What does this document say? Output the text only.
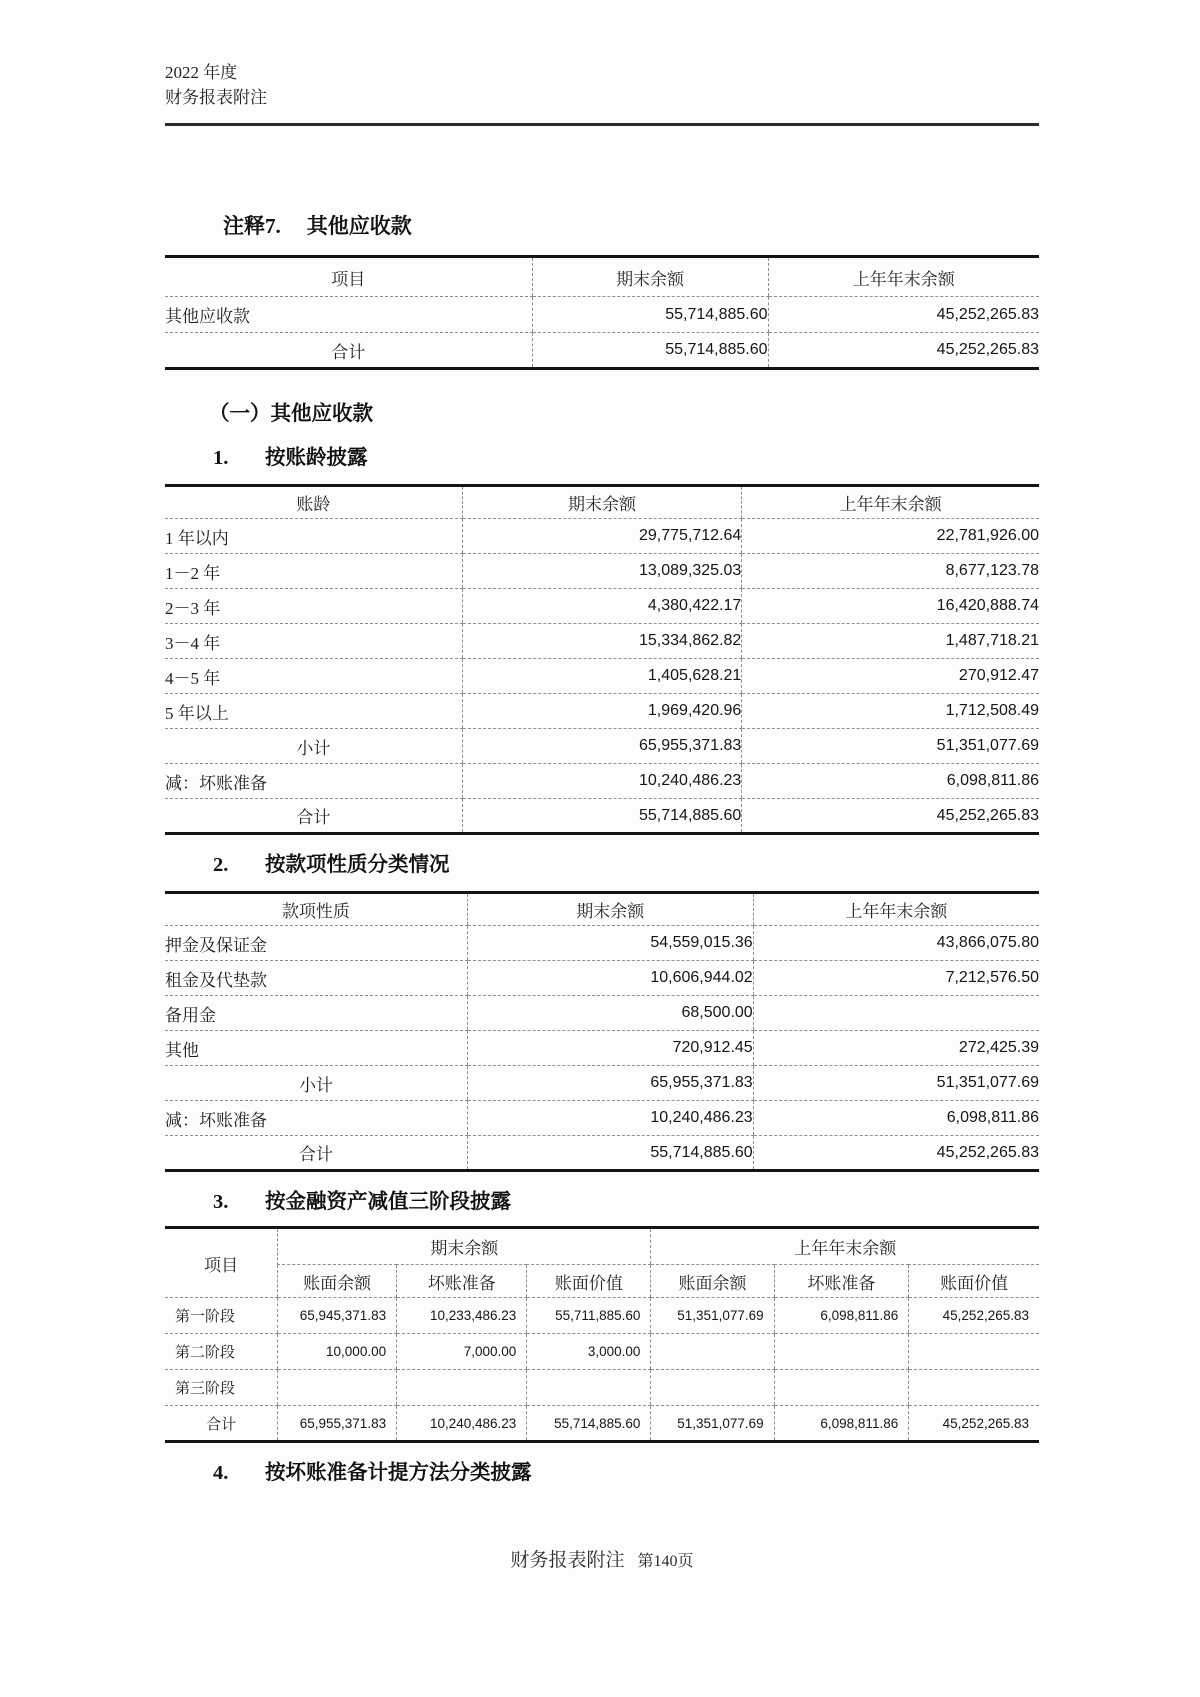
2022 年度
财务报表附注
注释7. 其他应收款
项目	期末余额	上年年末余额
其他应收款	55,714,885.60	45,252,265.83
合计	55,714,885.60	45,252,265.83
（一）其他应收款
1. 按账龄披露
账龄	期末余额	上年年末余额
1 年以内	29,775,712.64	22,781,926.00
1－2 年	13,089,325.03	8,677,123.78
2－3 年	4,380,422.17	16,420,888.74
3－4 年	15,334,862.82	1,487,718.21
4－5 年	1,405,628.21	270,912.47
5 年以上	1,969,420.96	1,712,508.49
小计	65,955,371.83	51,351,077.69
减：坏账准备	10,240,486.23	6,098,811.86
合计	55,714,885.60	45,252,265.83
2. 按款项性质分类情况
款项性质	期末余额	上年年末余额
押金及保证金	54,559,015.36	43,866,075.80
租金及代垫款	10,606,944.02	7,212,576.50
备用金	68,500.00	
其他	720,912.45	272,425.39
小计	65,955,371.83	51,351,077.69
减：坏账准备	10,240,486.23	6,098,811.86
合计	55,714,885.60	45,252,265.83
3. 按金融资产减值三阶段披露
项目	期末余额			上年年末余额		
	账面余额	坏账准备	账面价值	账面余额	坏账准备	账面价值
第一阶段	65,945,371.83	10,233,486.23	55,711,885.60	51,351,077.69	6,098,811.86	45,252,265.83
第二阶段	10,000.00	7,000.00	3,000.00			
第三阶段						
合计	65,955,371.83	10,240,486.23	55,714,885.60	51,351,077.69	6,098,811.86	45,252,265.83
4. 按坏账准备计提方法分类披露
财务报表附注 第140页
